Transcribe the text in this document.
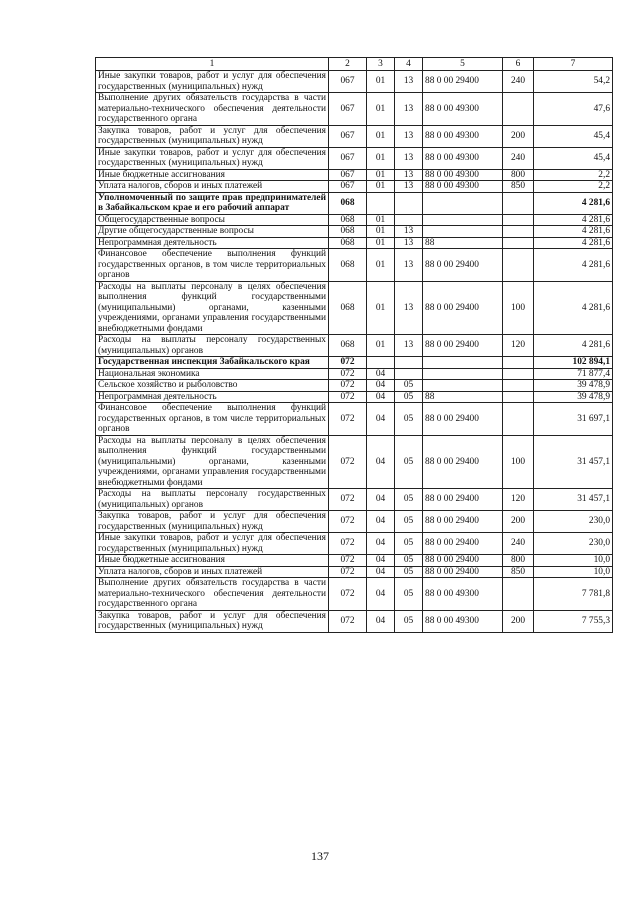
1	2	3	4	5	6	7
Иные закупки товаров, работ и услуг для обеспечения государственных (муниципальных) нужд	067	01	13	88 0 00 29400	240	54,2
Выполнение других обязательств государства в части материально-технического обеспечения деятельности государственного органа	067	01	13	88 0 00 49300		47,6
Закупка товаров, работ и услуг для обеспечения государственных (муниципальных) нужд	067	01	13	88 0 00 49300	200	45,4
Иные закупки товаров, работ и услуг для обеспечения государственных (муниципальных) нужд	067	01	13	88 0 00 49300	240	45,4
Иные бюджетные ассигнования	067	01	13	88 0 00 49300	800	2,2
Уплата налогов, сборов и иных платежей	067	01	13	88 0 00 49300	850	2,2
Уполномоченный по защите прав предпринимателей в Забайкальском крае и его рабочий аппарат	068					4 281,6
Общегосударственные вопросы	068	01				4 281,6
Другие общегосударственные вопросы	068	01	13			4 281,6
Непрограммная деятельность	068	01	13	88		4 281,6
Финансовое обеспечение выполнения функций государственных органов, в том числе территориальных органов	068	01	13	88 0 00 29400		4 281,6
Расходы на выплаты персоналу в целях обеспечения выполнения функций государственными (муниципальными) органами, казенными учреждениями, органами управления государственными внебюджетными фондами	068	01	13	88 0 00 29400	100	4 281,6
Расходы на выплаты персоналу государственных (муниципальных) органов	068	01	13	88 0 00 29400	120	4 281,6
Государственная инспекция Забайкальского края	072					102 894,1
Национальная экономика	072	04				71 877,4
Сельское хозяйство и рыболовство	072	04	05			39 478,9
Непрограммная деятельность	072	04	05	88		39 478,9
Финансовое обеспечение выполнения функций государственных органов, в том числе территориальных органов	072	04	05	88 0 00 29400		31 697,1
Расходы на выплаты персоналу в целях обеспечения выполнения функций государственными (муниципальными) органами, казенными учреждениями, органами управления государственными внебюджетными фондами	072	04	05	88 0 00 29400	100	31 457,1
Расходы на выплаты персоналу государственных (муниципальных) органов	072	04	05	88 0 00 29400	120	31 457,1
Закупка товаров, работ и услуг для обеспечения государственных (муниципальных) нужд	072	04	05	88 0 00 29400	200	230,0
Иные закупки товаров, работ и услуг для обеспечения государственных (муниципальных) нужд	072	04	05	88 0 00 29400	240	230,0
Иные бюджетные ассигнования	072	04	05	88 0 00 29400	800	10,0
Уплата налогов, сборов и иных платежей	072	04	05	88 0 00 29400	850	10,0
Выполнение других обязательств государства в части материально-технического обеспечения деятельности государственного органа	072	04	05	88 0 00 49300		7 781,8
Закупка товаров, работ и услуг для обеспечения государственных (муниципальных) нужд	072	04	05	88 0 00 49300	200	7 755,3
137
